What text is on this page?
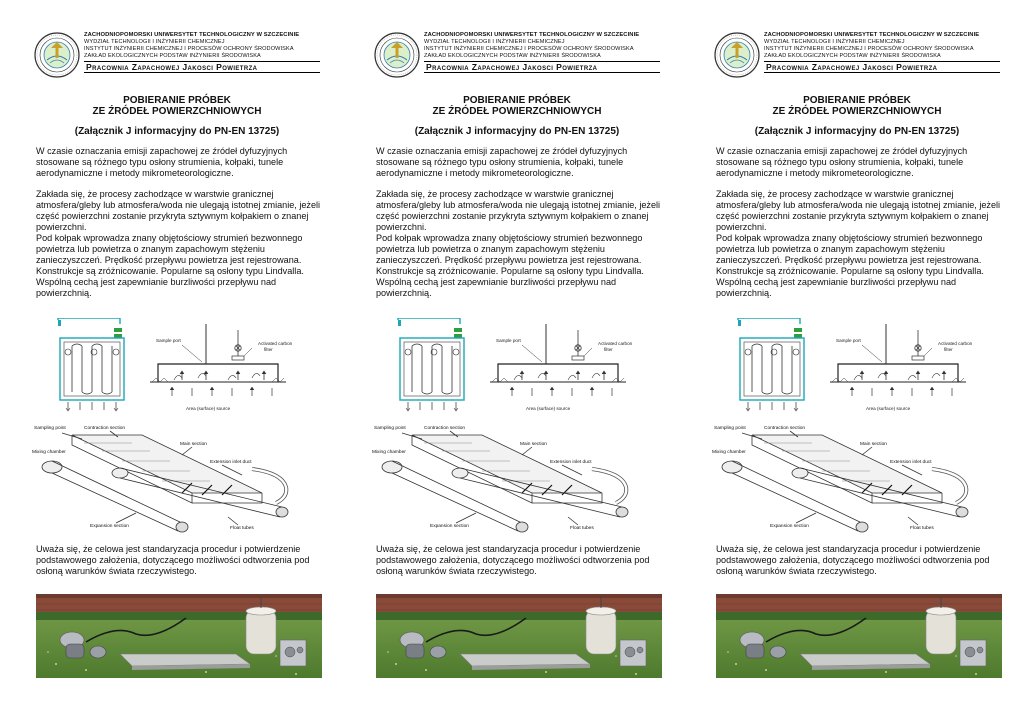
ZACHODNIOPOMORSKI UNIWERSYTET TECHNOLOGICZNY W SZCZECINIE
WYDZIAŁ TECHNOLOGII I INŻYNIERII CHEMICZNEJ
INSTYTUT INŻYNIERII CHEMICZNEJ I PROCESÓW OCHRONY ŚRODOWISKA
ZAKŁAD EKOLOGICZNYCH PODSTAW INŻYNIERII ŚRODOWISKA
Pracownia Zapachowej Jakosci Powietrza
POBIERANIE PRÓBEK
ZE ŹRÓDEŁ POWIERZCHNIOWYCH
(Załącznik J informacyjny do PN-EN 13725)
W czasie oznaczania emisji zapachowej ze źródeł dyfuzyjnych
stosowane są różnego typu osłony strumienia, kołpaki, tunele
aerodynamiczne i metody mikrometeorologiczne.
Zakłada się, że procesy zachodzące w warstwie granicznej
atmosfera/gleby lub atmosfera/woda nie ulegają istotnej zmianie, jeżeli
część powierzchni zostanie przykryta sztywnym kołpakiem o znanej
powierzchni.
Pod kołpak wprowadza znany objętościowy strumień bezwonnego
powietrza lub powietrza o znanym zapachowym stężeniu
zanieczyszczeń. Prędkość przepływu powietrza jest rejestrowana.
Konstrukcje są zróżnicowanie. Popularne są osłony typu Lindvalla.
Wspólną cechą jest zapewnianie burzliwości przepływu nad
powierzchnią.
Sample port
Activated carbon
filter
Area (surface) source
Sampling point	Contraction section
Main section
Mixing chamber
Extension inlet duct
Expansion section	Float tubes
Uważa się, że celowa jest standaryzacja procedur i potwierdzenie
podstawowego założenia, dotyczącego możliwości odtworzenia pod
osłoną warunków świata rzeczywistego.
ZACHODNIOPOMORSKI UNIWERSYTET TECHNOLOGICZNY W SZCZECINIE
WYDZIAŁ TECHNOLOGII I INŻYNIERII CHEMICZNEJ
INSTYTUT INŻYNIERII CHEMICZNEJ I PROCESÓW OCHRONY ŚRODOWISKA
ZAKŁAD EKOLOGICZNYCH PODSTAW INŻYNIERII ŚRODOWISKA
Pracownia Zapachowej Jakosci Powietrza
POBIERANIE PRÓBEK
ZE ŹRÓDEŁ POWIERZCHNIOWYCH
(Załącznik J informacyjny do PN-EN 13725)
W czasie oznaczania emisji zapachowej ze źródeł dyfuzyjnych
stosowane są różnego typu osłony strumienia, kołpaki, tunele
aerodynamiczne i metody mikrometeorologiczne.
Zakłada się, że procesy zachodzące w warstwie granicznej
atmosfera/gleby lub atmosfera/woda nie ulegają istotnej zmianie, jeżeli
część powierzchni zostanie przykryta sztywnym kołpakiem o znanej
powierzchni.
Pod kołpak wprowadza znany objętościowy strumień bezwonnego
powietrza lub powietrza o znanym zapachowym stężeniu
zanieczyszczeń. Prędkość przepływu powietrza jest rejestrowana.
Konstrukcje są zróżnicowanie. Popularne są osłony typu Lindvalla.
Wspólną cechą jest zapewnianie burzliwości przepływu nad
powierzchnią.
Sample port
Activated carbon
filter
Area (surface) source
Sampling point	Contraction section
Main section
Mixing chamber
Extension inlet duct
Expansion section	Float tubes
Uważa się, że celowa jest standaryzacja procedur i potwierdzenie
podstawowego założenia, dotyczącego możliwości odtworzenia pod
osłoną warunków świata rzeczywistego.
ZACHODNIOPOMORSKI UNIWERSYTET TECHNOLOGICZNY W SZCZECINIE
WYDZIAŁ TECHNOLOGII I INŻYNIERII CHEMICZNEJ
INSTYTUT INŻYNIERII CHEMICZNEJ I PROCESÓW OCHRONY ŚRODOWISKA
ZAKŁAD EKOLOGICZNYCH PODSTAW INŻYNIERII ŚRODOWISKA
Pracownia Zapachowej Jakosci Powietrza
POBIERANIE PRÓBEK
ZE ŹRÓDEŁ POWIERZCHNIOWYCH
(Załącznik J informacyjny do PN-EN 13725)
W czasie oznaczania emisji zapachowej ze źródeł dyfuzyjnych
stosowane są różnego typu osłony strumienia, kołpaki, tunele
aerodynamiczne i metody mikrometeorologiczne.
Zakłada się, że procesy zachodzące w warstwie granicznej
atmosfera/gleby lub atmosfera/woda nie ulegają istotnej zmianie, jeżeli
część powierzchni zostanie przykryta sztywnym kołpakiem o znanej
powierzchni.
Pod kołpak wprowadza znany objętościowy strumień bezwonnego
powietrza lub powietrza o znanym zapachowym stężeniu
zanieczyszczeń. Prędkość przepływu powietrza jest rejestrowana.
Konstrukcje są zróżnicowanie. Popularne są osłony typu Lindvalla.
Wspólną cechą jest zapewnianie burzliwości przepływu nad
powierzchnią.
Sample port
Activated carbon
filter
Area (surface) source
Sampling point	Contraction section
Main section
Mixing chamber
Extension inlet duct
Expansion section	Float tubes
Uważa się, że celowa jest standaryzacja procedur i potwierdzenie
podstawowego założenia, dotyczącego możliwości odtworzenia pod
osłoną warunków świata rzeczywistego.
